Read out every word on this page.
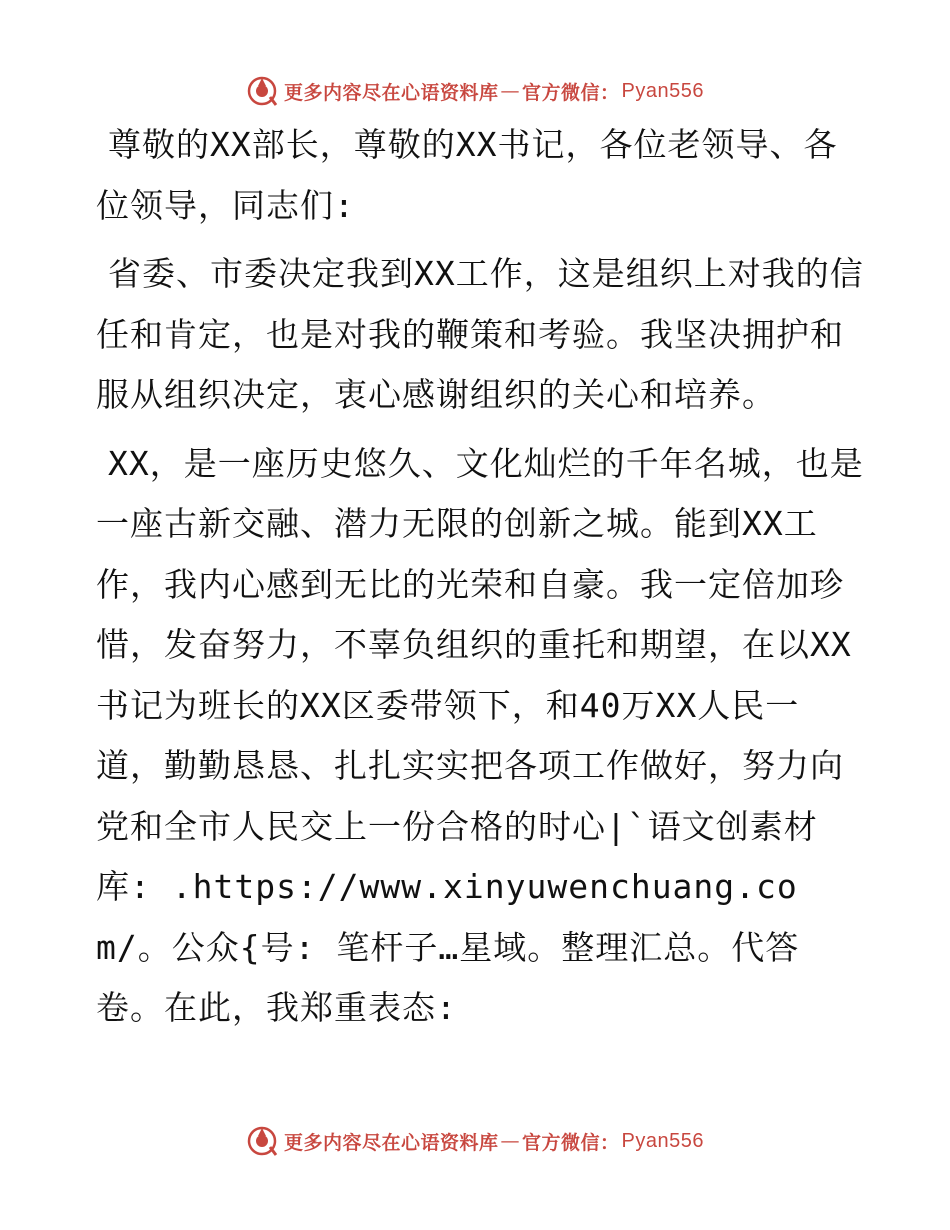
更多内容尽在心语资料库 — 官方微信： Pyan556

尊敬的XX部长，尊敬的XX书记，各位老领导、各位领导，同志们:

省委、市委决定我到XX工作，这是组织上对我的信任和肯定，也是对我的鞭策和考验。我坚决拥护和服从组织决定，衷心感谢组织的关心和培养。

XX，是一座历史悠久、文化灿烂的千年名城，也是一座古新交融、潜力无限的创新之城。能到XX工作，我内心感到无比的光荣和自豪。我一定倍加珍惜，发奋努力，不辜负组织的重托和期望，在以XX书记为班长的XX区委带领下，和40万XX人民一道，勤勤恳恳、扎扎实实把各项工作做好，努力向党和全市人民交上一份合格的时心|`语文创素材库: .https://www.xinyuwenchuang.com/。公众{号: 笔杆子…星域。整理汇总。代答卷。在此，我郑重表态:

更多内容尽在心语资料库 — 官方微信： Pyan556
